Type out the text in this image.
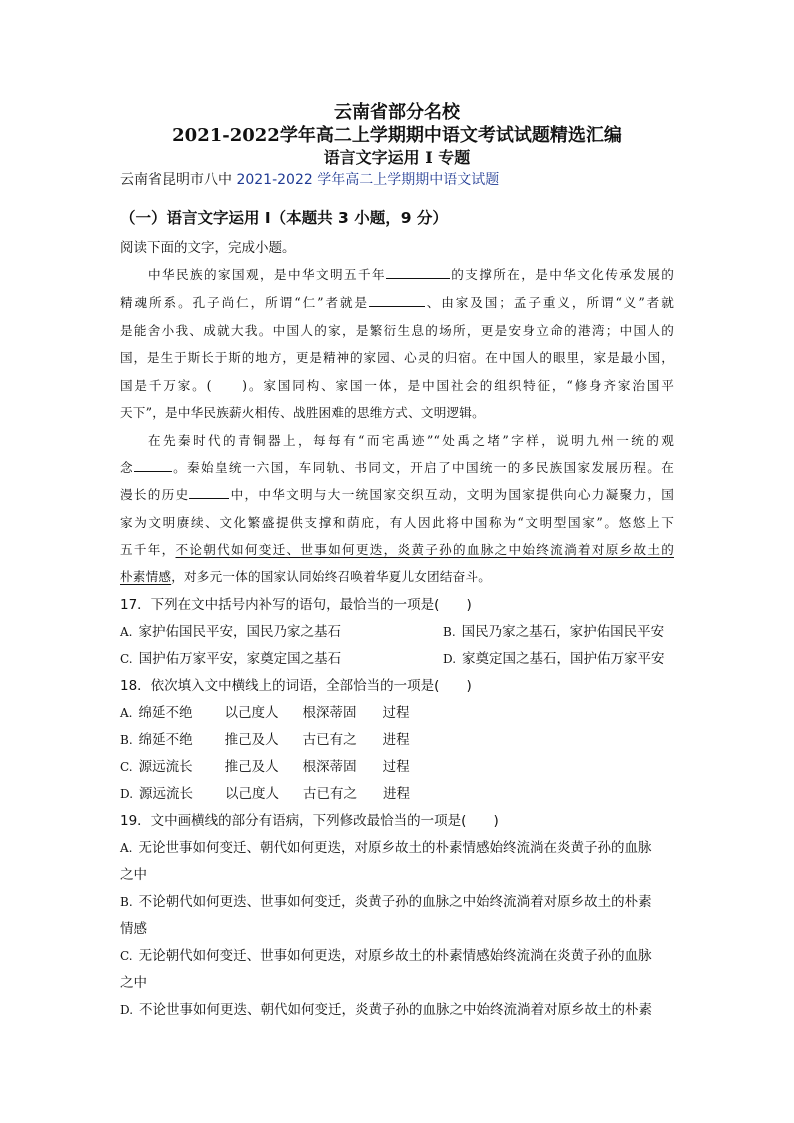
云南省部分名校
2021-2022学年高二上学期期中语文考试试题精选汇编
语言文字运用 I 专题
云南省昆明市八中 2021-2022 学年高二上学期期中语文试题
（一）语言文字运用 I（本题共 3 小题，9 分）
阅读下面的文字，完成小题。
中华民族的家国观，是中华文明五千年	的支撑所在，是中华文化传承发展的
精魂所系。孔子尚仁，所谓“仁”者就是	、由家及国；孟子重义，所谓“义”者就
是能舍小我、成就大我。中国人的家，是繁衍生息的场所，更是安身立命的港湾；中国人的
国，是生于斯长于斯的地方，更是精神的家园、心灵的归宿。在中国人的眼里，家是最小国，
国是千万家。(　　)。家国同构、家国一体，是中国社会的组织特征，“修身齐家治国平
天下”，是中华民族薪火相传、战胜困难的思维方式、文明逻辑。
在先秦时代的青铜器上，每每有“而宅禹迹”“处禹之堵”字样，说明九州一统的观
念	。秦始皇统一六国，车同轨、书同文，开启了中国统一的多民族国家发展历程。在
漫长的历史	中，中华文明与大一统国家交织互动，文明为国家提供向心力凝聚力，国
家为文明赓续、文化繁盛提供支撑和荫庇，有人因此将中国称为“文明型国家”。悠悠上下
五千年，不论朝代如何变迁、世事如何更迭，炎黄子孙的血脉之中始终流淌着对原乡故土的
朴素情感，对多元一体的国家认同始终召唤着华夏儿女团结奋斗。
17．下列在文中括号内补写的语句，最恰当的一项是(　　)
A. 家护佑国民平安，国民乃家之基石	B. 国民乃家之基石，家护佑国民平安
C. 国护佑万家平安，家奠定国之基石	D. 家奠定国之基石，国护佑万家平安
18．依次填入文中横线上的词语，全部恰当的一项是(　　)
A. 绵延不绝 以己度人 根深蒂固 过程
B. 绵延不绝 推己及人 古已有之 进程
C. 源远流长 推己及人 根深蒂固 过程
D. 源远流长 以己度人 古已有之 进程
19．文中画横线的部分有语病，下列修改最恰当的一项是(　　)
A. 无论世事如何变迁、朝代如何更迭，对原乡故土的朴素情感始终流淌在炎黄子孙的血脉
之中
B. 不论朝代如何更迭、世事如何变迁，炎黄子孙的血脉之中始终流淌着对原乡故土的朴素
情感
C. 无论朝代如何变迁、世事如何更迭，对原乡故土的朴素情感始终流淌在炎黄子孙的血脉
之中
D. 不论世事如何更迭、朝代如何变迁，炎黄子孙的血脉之中始终流淌着对原乡故土的朴素
